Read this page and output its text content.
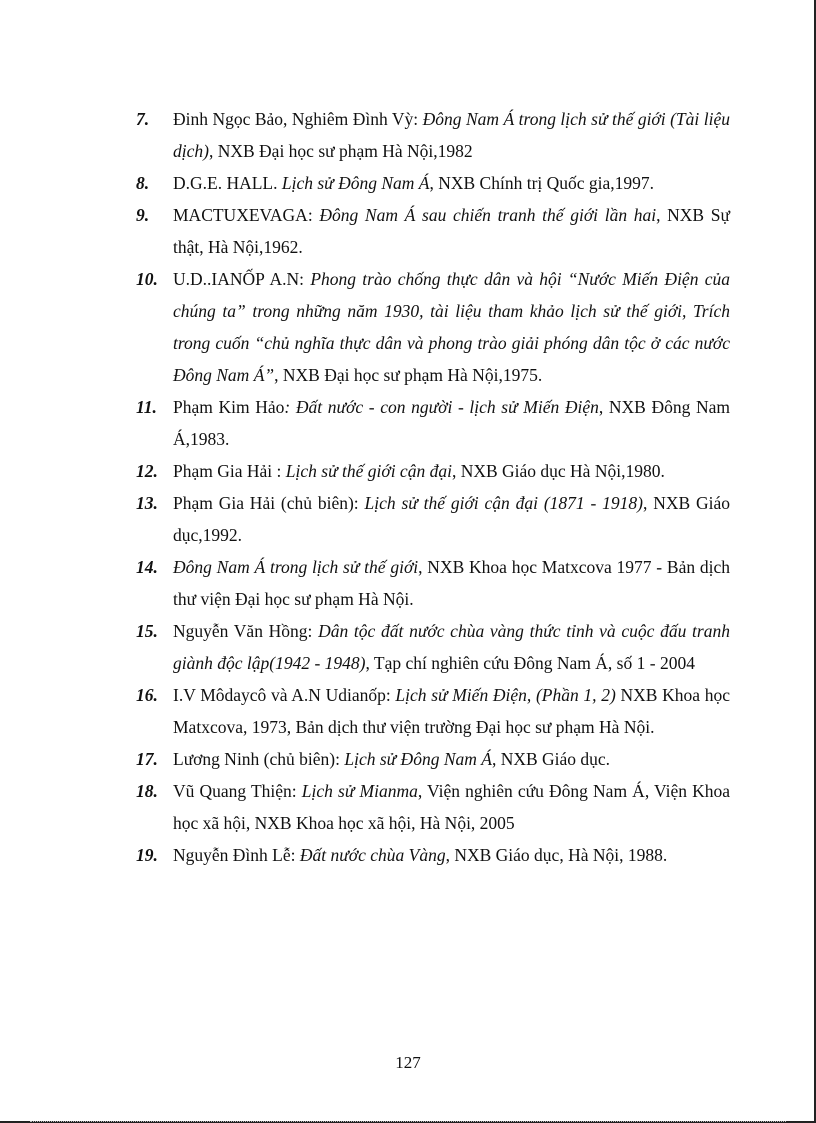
7. Đinh Ngọc Bảo, Nghiêm Đình Vỳ: Đông Nam Á trong lịch sử thế giới (Tài liệu dịch), NXB Đại học sư phạm Hà Nội,1982
8. D.G.E. HALL. Lịch sử Đông Nam Á, NXB Chính trị Quốc gia,1997.
9. MACTUXEVAGA: Đông Nam Á sau chiến tranh thế giới lần hai, NXB Sự thật, Hà Nội,1962.
10. U.D..IANỐP A.N: Phong trào chống thực dân và hội “Nước Miến Điện của chúng ta” trong những năm 1930, tài liệu tham khảo lịch sử thế giới, Trích trong cuốn “chủ nghĩa thực dân và phong trào giải phóng dân tộc ở các nước Đông Nam Á”, NXB Đại học sư phạm Hà Nội,1975.
11. Phạm Kim Hảo: Đất nước - con người - lịch sử Miến Điện, NXB Đông Nam Á,1983.
12. Phạm Gia Hải : Lịch sử thế giới cận đại, NXB Giáo dục Hà Nội,1980.
13. Phạm Gia Hải (chủ biên): Lịch sử thế giới cận đại (1871 - 1918), NXB Giáo dục,1992.
14. Đông Nam Á trong lịch sử thế giới, NXB Khoa học Matxcova 1977 - Bản dịch thư viện Đại học sư phạm Hà Nội.
15. Nguyễn Văn Hồng: Dân tộc đất nước chùa vàng thức tỉnh và cuộc đấu tranh giành độc lập(1942 - 1948), Tạp chí nghiên cứu Đông Nam Á, số 1 - 2004
16. I.V Môdaycô và A.N Udianốp: Lịch sử Miến Điện, (Phần 1, 2) NXB Khoa học Matxcova, 1973, Bản dịch thư viện trường Đại học sư phạm Hà Nội.
17. Lương Ninh (chủ biên): Lịch sử Đông Nam Á, NXB Giáo dục.
18. Vũ Quang Thiện: Lịch sử Mianma, Viện nghiên cứu Đông Nam Á, Viện Khoa học xã hội, NXB Khoa học xã hội, Hà Nội, 2005
19. Nguyễn Đình Lễ: Đất nước chùa Vàng, NXB Giáo dục, Hà Nội, 1988.
127
